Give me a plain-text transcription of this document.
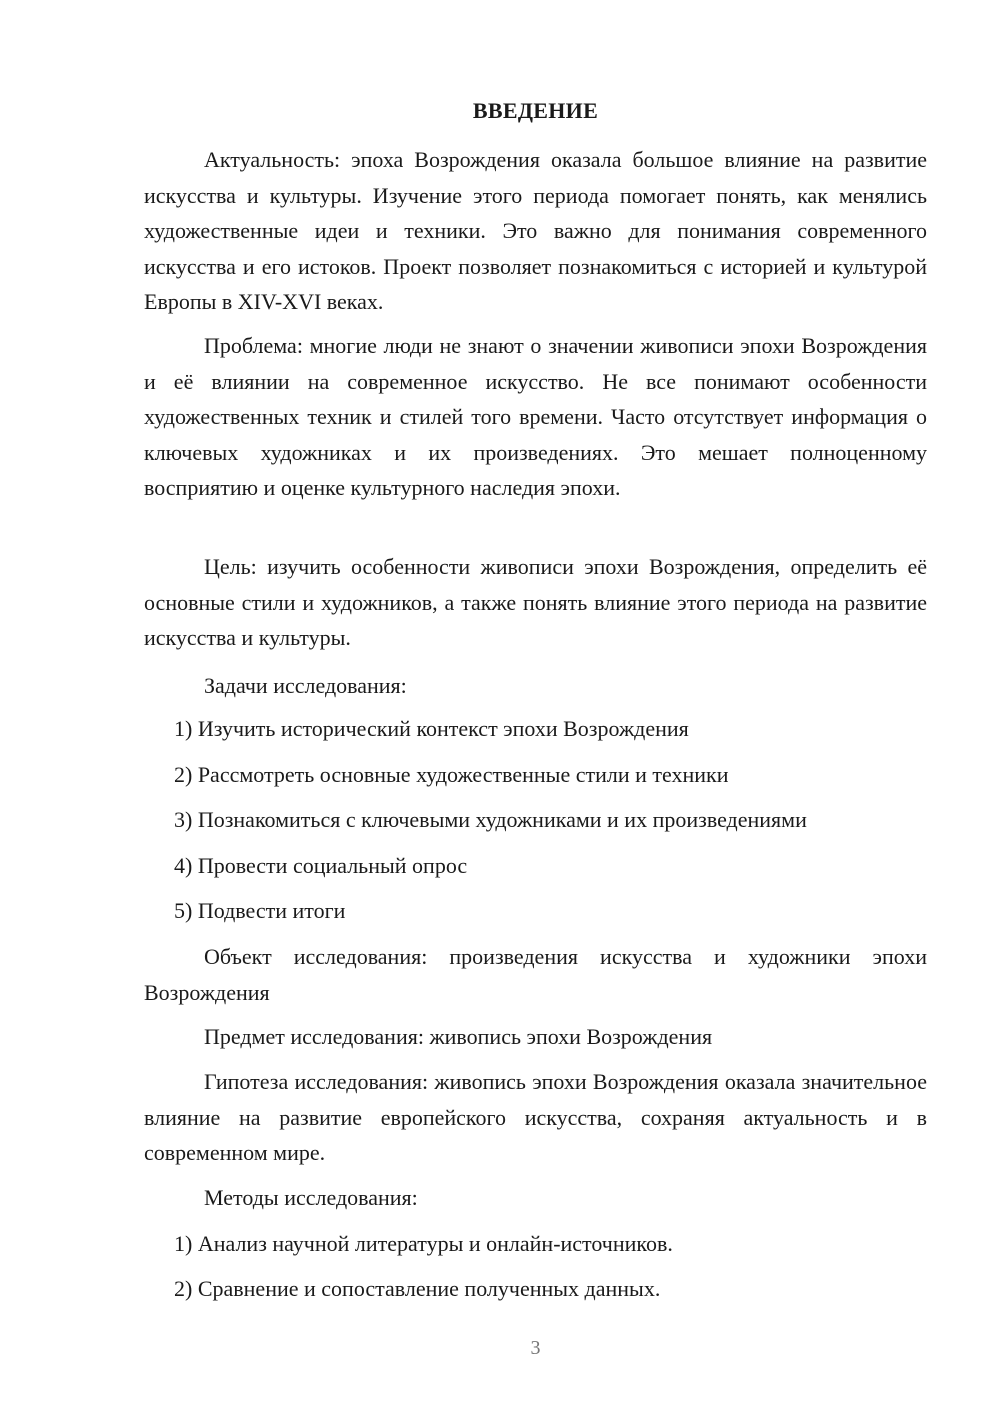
ВВЕДЕНИЕ

Актуальность: эпоха Возрождения оказала большое влияние на развитие искусства и культуры. Изучение этого периода помогает понять, как менялись художественные идеи и техники. Это важно для понимания современного искусства и его истоков. Проект позволяет познакомиться с историей и культурой Европы в XIV-XVI веках.

Проблема: многие люди не знают о значении живописи эпохи Возрождения и её влиянии на современное искусство. Не все понимают особенности художественных техник и стилей того времени. Часто отсутствует информация о ключевых художниках и их произведениях. Это мешает полноценному восприятию и оценке культурного наследия эпохи.

Цель: изучить особенности живописи эпохи Возрождения, определить её основные стили и художников, а также понять влияние этого периода на развитие искусства и культуры.

Задачи исследования:
1) Изучить исторический контекст эпохи Возрождения
2) Рассмотреть основные художественные стили и техники
3) Познакомиться с ключевыми художниками и их произведениями
4) Провести социальный опрос
5) Подвести итоги

Объект исследования: произведения искусства и художники эпохи Возрождения

Предмет исследования: живопись эпохи Возрождения

Гипотеза исследования: живопись эпохи Возрождения оказала значительное влияние на развитие европейского искусства, сохраняя актуальность и в современном мире.

Методы исследования:
1) Анализ научной литературы и онлайн-источников.
2) Сравнение и сопоставление полученных данных.
3
